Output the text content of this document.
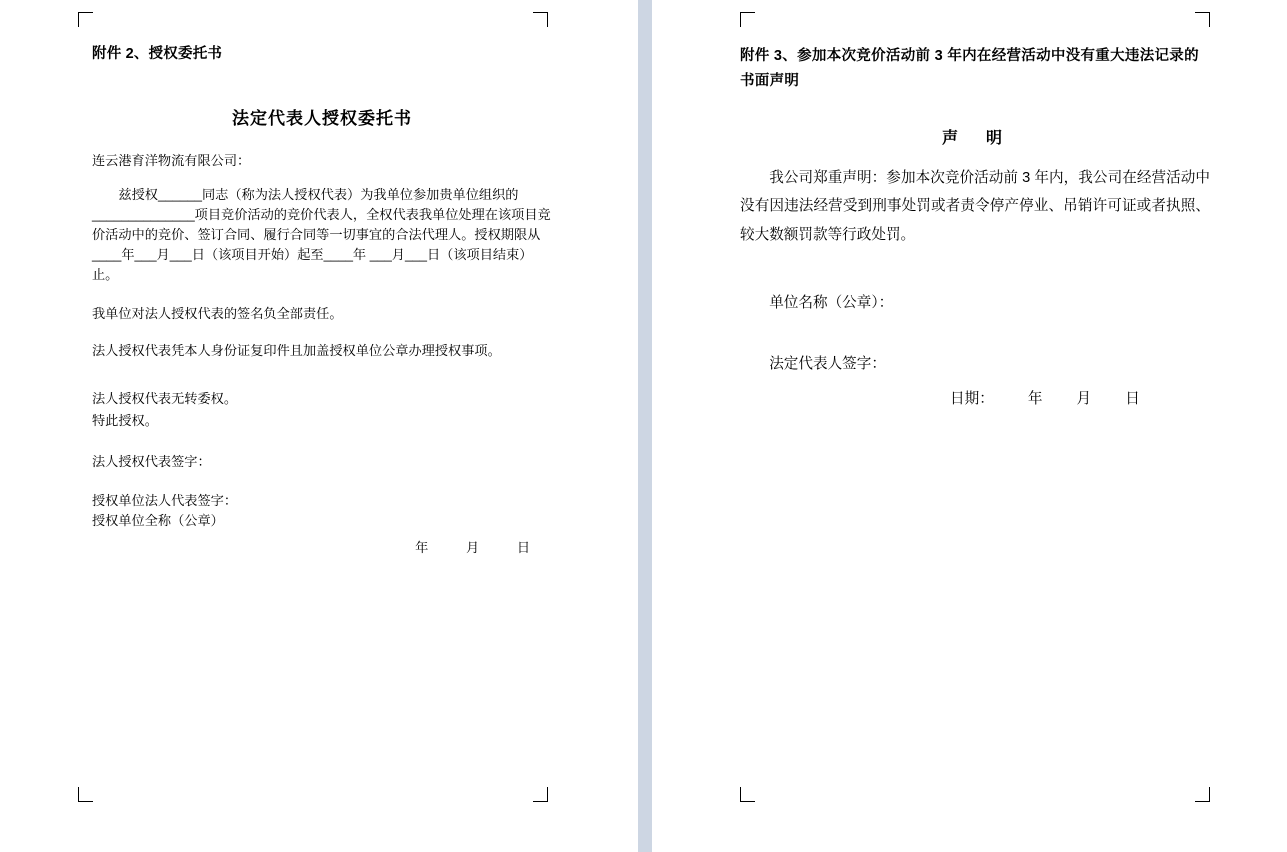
附件 2、授权委托书
法定代表人授权委托书
连云港育洋物流有限公司：
兹授权______同志（称为法人授权代表）为我单位参加贵单位组织的______________项目竞价活动的竞价代表人，全权代表我单位处理在该项目竞价活动中的竞价、签订合同、履行合同等一切事宜的合法代理人。授权期限从____年___月___日（该项目开始）起至____年 ___月___日（该项目结束）止。
我单位对法人授权代表的签名负全部责任。
法人授权代表凭本人身份证复印件且加盖授权单位公章办理授权事项。
法人授权代表无转委权。
特此授权。
法人授权代表签字：
授权单位法人代表签字：
授权单位全称（公章）
年	月	日
附件 3、参加本次竞价活动前 3 年内在经营活动中没有重大违法记录的书面声明
声　明
我公司郑重声明：参加本次竞价活动前 3 年内，我公司在经营活动中没有因违法经营受到刑事处罚或者责令停产停业、吊销许可证或者执照、较大数额罚款等行政处罚。
单位名称（公章）：
法定代表人签字：
日期： 年 月 日
